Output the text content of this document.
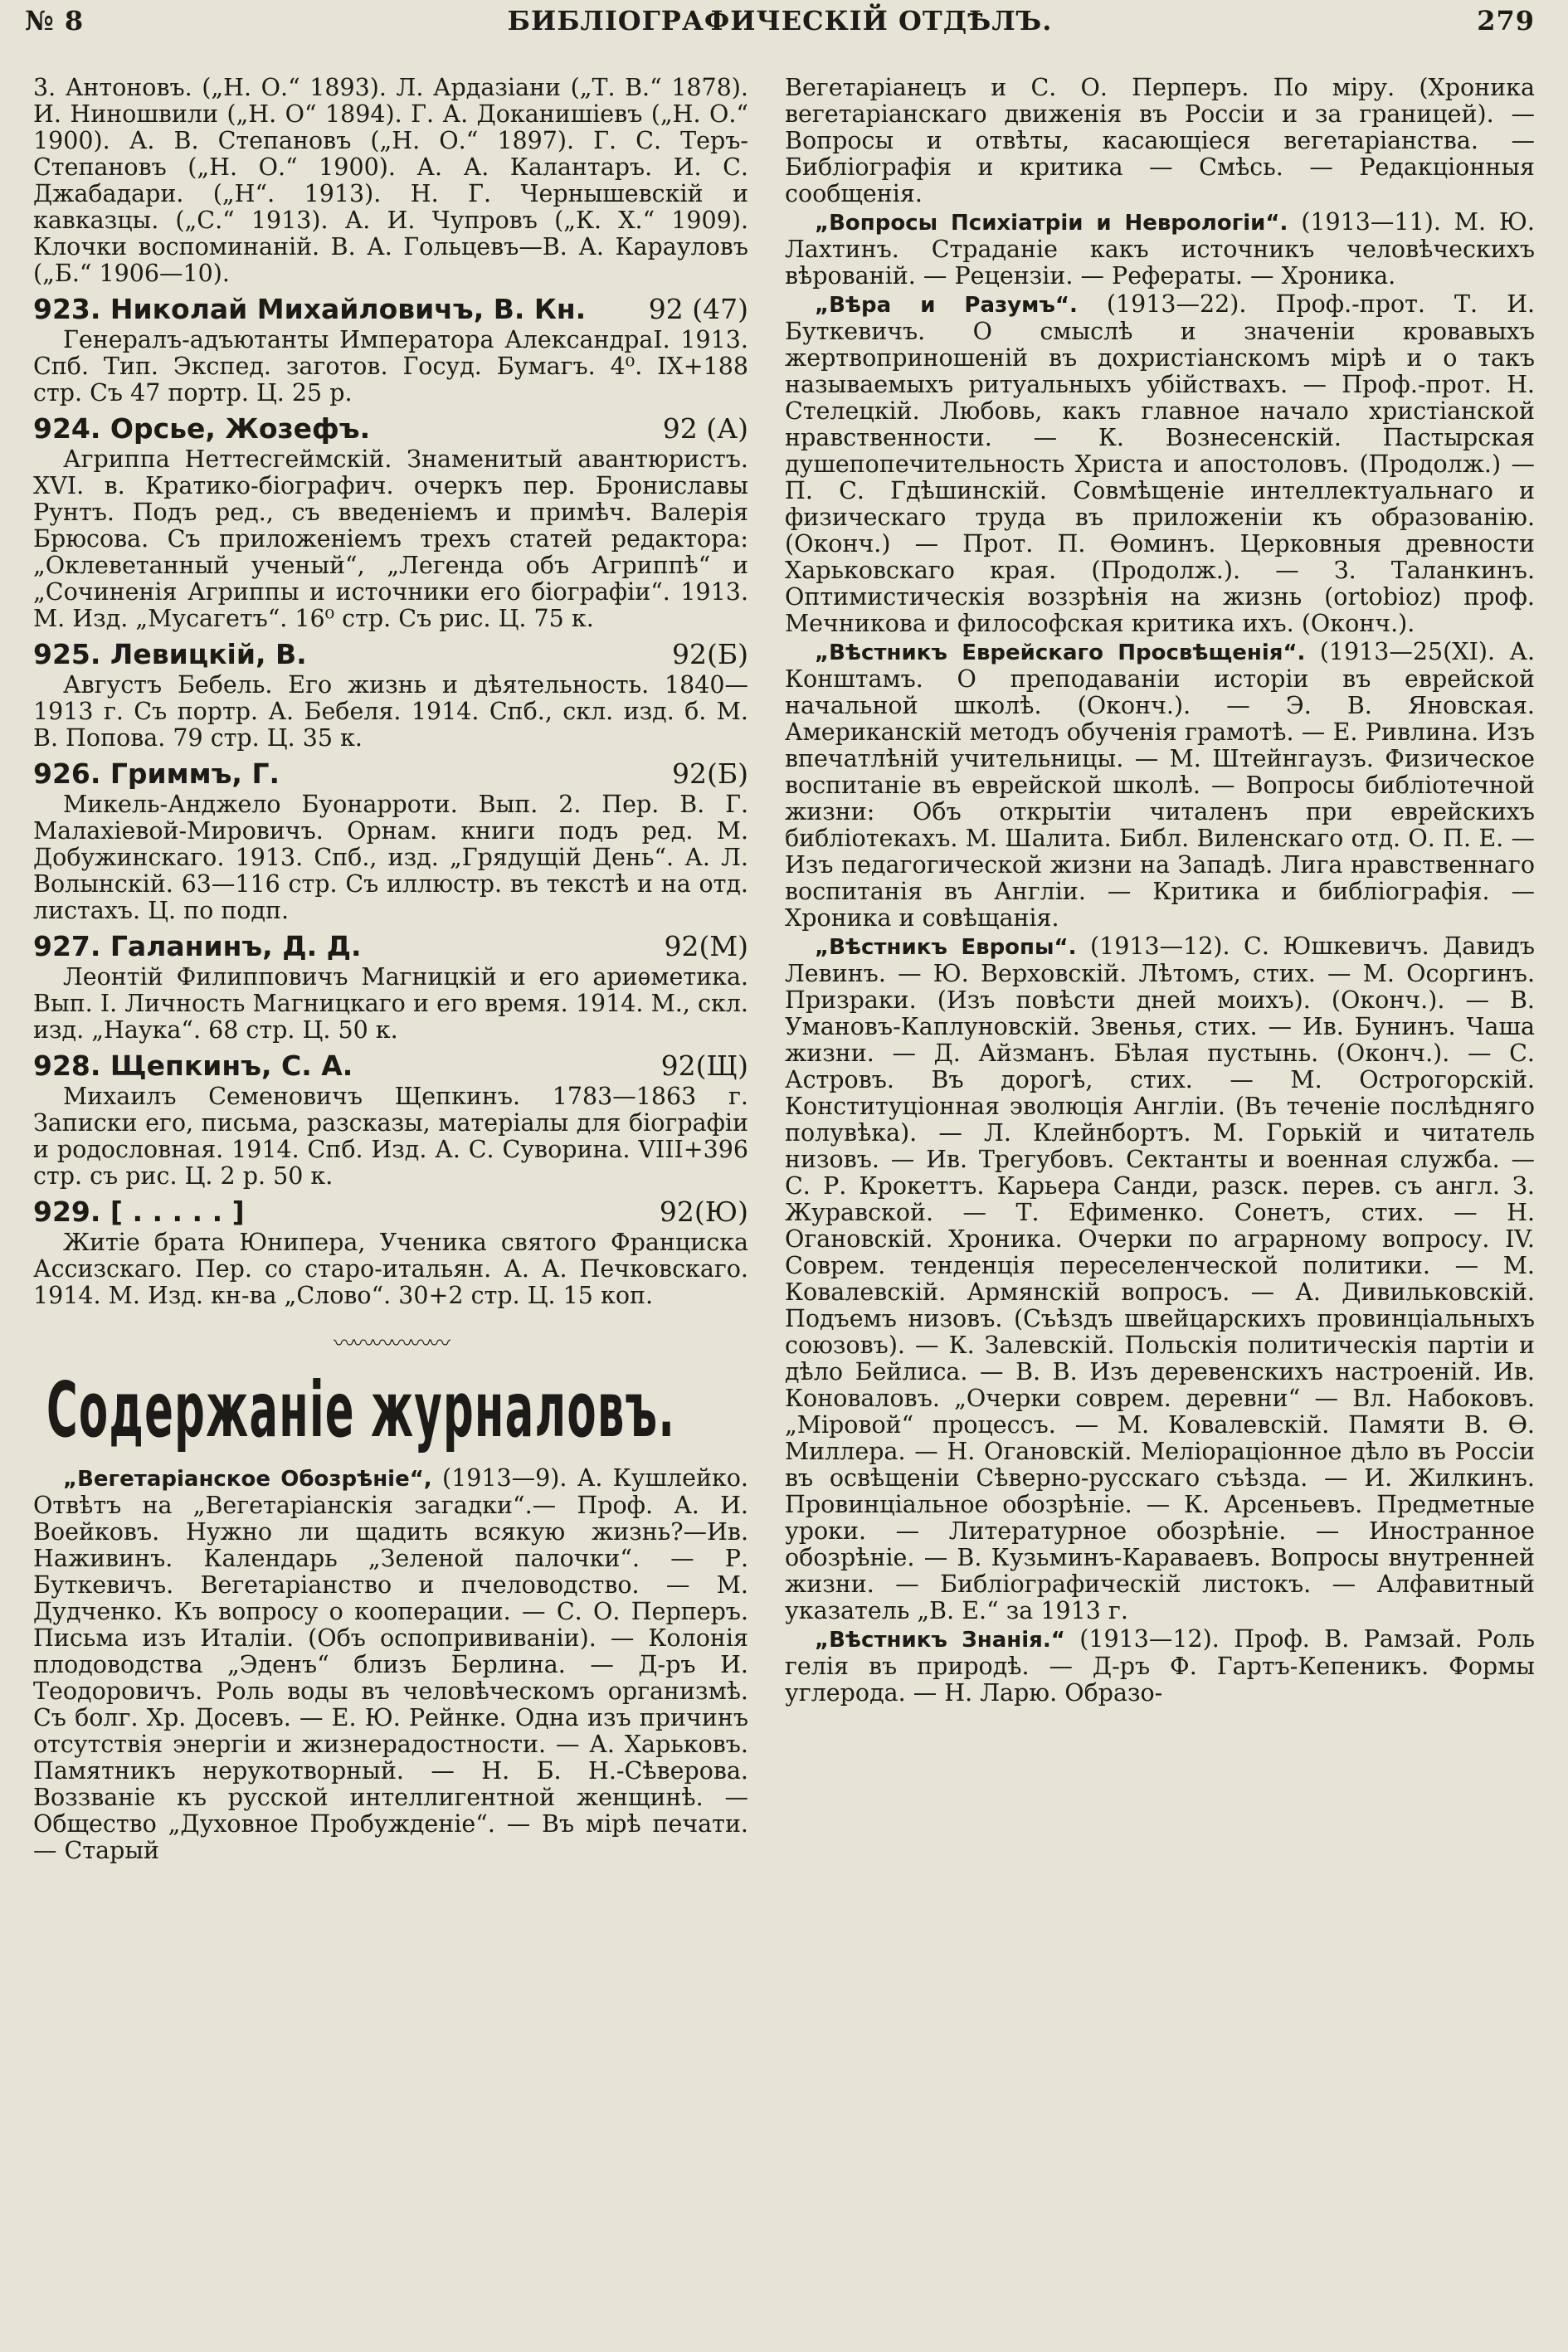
№ 8	БИБЛІОГРАФИЧЕСКІЙ ОТДѢЛЪ.	279

3. Антоновъ. („Н. О.“ 1893). Л. Ардазіани („Т. В.“ 1878). И. Ниношвили („Н. О“ 1894). Г. А. Доканишіевъ („Н. О.“ 1900). А. В. Степановъ („Н. О.“ 1897). Г. С. Теръ-Степановъ („Н. О.“ 1900). А. А. Калантаръ. И. С. Джабадари. („Н“. 1913). Н. Г. Чернышевскій и кавказцы. („С.“ 1913). А. И. Чупровъ („К. Х.“ 1909). Клочки воспоминаній. В. А. Гольцевъ—В. А. Карауловъ („Б.“ 1906—10).

923. Николай Михайловичъ, В. Кн. 92 (47)

Генералъ-адъютанты Императора АлександраI. 1913. Спб. Тип. Экспед. заготов. Госуд. Бумагъ. 4⁰. IX+188 стр. Съ 47 портр. Ц. 25 р.

924. Орсье, Жозефъ.	92 (А)

Агриппа Неттесгеймскій. Знаменитый авантюристъ. XVI. в. Кратико-біографич. очеркъ пер. Брониславы Рунтъ. Подъ ред., съ введеніемъ и примѣч. Валерія Брюсова. Съ приложеніемъ трехъ статей редактора: „Оклеветанный ученый“, „Легенда объ Агриппѣ“ и „Сочиненія Агриппы и источники его біографіи“. 1913. М. Изд. „Мусагетъ“. 16⁰ стр. Съ рис. Ц. 75 к.

925. Левицкій, В.	92(Б)

Августъ Бебель. Его жизнь и дѣятельность. 1840—1913 г. Съ портр. А. Бебеля. 1914. Спб., скл. изд. б. М. В. Попова. 79 стр. Ц. 35 к.

926. Гриммъ, Г.	92(Б)

Микель-Анджело Буонарроти. Вып. 2. Пер. В. Г. Малахіевой-Мировичъ. Орнам. книги подъ ред. М. Добужинскаго. 1913. Спб., изд. „Грядущій День“. А. Л. Волынскій. 63—116 стр. Съ иллюстр. въ текстѣ и на отд. листахъ. Ц. по подп.

927. Галанинъ, Д. Д.	92(М)

Леонтій Филипповичъ Магницкій и его ариѳметика. Вып. I. Личность Магницкаго и его время. 1914. М., скл. изд. „Наука“. 68 стр. Ц. 50 к.

928. Щепкинъ, С. А.	92(Щ)

Михаилъ Семеновичъ Щепкинъ. 1783—1863 г. Записки его, письма, разсказы, матеріалы для біографіи и родословная. 1914. Спб. Изд. А. С. Суворина. VIII+396 стр. съ рис. Ц. 2 р. 50 к.

929. [ . . . . . ]	92(Ю)

Житіе брата Юнипера, Ученика святого Франциска Ассизскаго. Пер. со старо-итальян. А. А. Печковскаго. 1914. М. Изд. кн-ва „Слово“. 30+2 стр. Ц. 15 коп.

〰〰〰〰〰〰
Содержаніе журналовъ.

„Вегетаріанское Обозрѣніе“, (1913—9). А. Кушлейко. Отвѣтъ на „Вегетаріанскія загадки“.— Проф. А. И. Воейковъ. Нужно ли щадить всякую жизнь?—Ив. Наживинъ. Календарь „Зеленой палочки“. — Р. Буткевичъ. Вегетаріанство и пчеловодство. — М. Дудченко. Къ вопросу о кооперации. — С. О. Перперъ. Письма изъ Италіи. (Объ оспопрививаніи). — Колонія плодоводства „Эденъ“ близъ Берлина. — Д-ръ И. Теодоровичъ. Роль воды въ человѣческомъ организмѣ. Съ болг. Хр. Досевъ. — Е. Ю. Рейнке. Одна изъ причинъ отсутствія энергіи и жизнерадостности. — А. Харьковъ. Памятникъ нерукотворный. — Н. Б. Н.-Сѣверова. Воззваніе къ русской интеллигентной женщинѣ. — Общество „Духовное Пробужденіе“. — Въ мірѣ печати. — Старый

Вегетаріанецъ и С. О. Перперъ. По міру. (Хроника вегетаріанскаго движенія въ Россіи и за границей). — Вопросы и отвѣты, касающіеся вегетаріанства. — Библіографія и критика — Смѣсь. — Редакціонныя сообщенія.

„Вопросы Психіатріи и Неврологіи“. (1913—11). М. Ю. Лахтинъ. Страданіе какъ источникъ человѣческихъ вѣрованій. — Рецензіи. — Рефераты. — Хроника.

„Вѣра и Разумъ“. (1913—22). Проф.-прот. Т. И. Буткевичъ. О смыслѣ и значеніи кровавыхъ жертвоприношеній въ дохристіанскомъ мірѣ и о такъ называемыхъ ритуальныхъ убійствахъ. — Проф.-прот. Н. Стелецкій. Любовь, какъ главное начало христіанской нравственности. — К. Вознесенскій. Пастырская душепопечительность Христа и апостоловъ. (Продолж.) — П. С. Гдѣшинскій. Совмѣщеніе интеллектуальнаго и физическаго труда въ приложеніи къ образованію. (Оконч.) — Прот. П. Ѳоминъ. Церковныя древности Харьковскаго края. (Продолж.). — З. Таланкинъ. Оптимистическія воззрѣнія на жизнь (ortobioz) проф. Мечникова и философская критика ихъ. (Оконч.).

„Вѣстникъ Еврейскаго Просвѣщенія“. (1913—25(XI). А. Конштамъ. О преподаваніи исторіи въ еврейской начальной школѣ. (Оконч.). — Э. В. Яновская. Американскій методъ обученія грамотѣ. — Е. Ривлина. Изъ впечатлѣній учительницы. — М. Штейнгаузъ. Физическое воспитаніе въ еврейской школѣ. — Вопросы библіотечной жизни: Объ открытіи читаленъ при еврейскихъ библіотекахъ. М. Шалита. Библ. Виленскаго отд. О. П. Е. — Изъ педагогической жизни на Западѣ. Лига нравственнаго воспитанія въ Англіи. — Критика и библіографія. — Хроника и совѣщанія.

„Вѣстникъ Европы“. (1913—12). С. Юшкевичъ. Давидъ Левинъ. — Ю. Верховскій. Лѣтомъ, стих. — М. Осоргинъ. Призраки. (Изъ повѣсти дней моихъ). (Оконч.). — В. Умановъ-Каплуновскій. Звенья, стих. — Ив. Бунинъ. Чаша жизни. — Д. Айзманъ. Бѣлая пустынь. (Оконч.). — С. Астровъ. Въ дорогѣ, стих. — М. Острогорскій. Конституціонная эволюція Англіи. (Въ теченіе послѣдняго полувѣка). — Л. Клейнбортъ. М. Горькій и читатель низовъ. — Ив. Трегубовъ. Сектанты и военная служба. — С. Р. Крокеттъ. Карьера Санди, разск. перев. съ англ. З. Журавской. — Т. Ефименко. Сонетъ, стих. — Н. Огановскій. Хроника. Очерки по аграрному вопросу. IV. Соврем. тенденція переселенческой политики. — М. Ковалевскій. Армянскій вопросъ. — А. Дивильковскій. Подъемъ низовъ. (Съѣздъ швейцарскихъ провинціальныхъ союзовъ). — К. Залевскій. Польскія политическія партіи и дѣло Бейлиса. — В. В. Изъ деревенскихъ настроеній. Ив. Коноваловъ. „Очерки соврем. деревни“ — Вл. Набоковъ. „Міровой“ процессъ. — М. Ковалевскій. Памяти В. Ѳ. Миллера. — Н. Огановскій. Меліораціонное дѣло въ Россіи въ освѣщеніи Сѣверно-русскаго съѣзда. — И. Жилкинъ. Провинціальное обозрѣніе. — К. Арсеньевъ. Предметные уроки. — Литературное обозрѣніе. — Иностранное обозрѣніе. — В. Кузьминъ-Караваевъ. Вопросы внутренней жизни. — Библіографическій листокъ. — Алфавитный указатель „В. Е.“ за 1913 г.

„Вѣстникъ Знанія.“ (1913—12). Проф. В. Рамзай. Роль гелія въ природѣ. — Д-ръ Ф. Гартъ-Кепеникъ. Формы углерода. — Н. Ларю. Образо-
